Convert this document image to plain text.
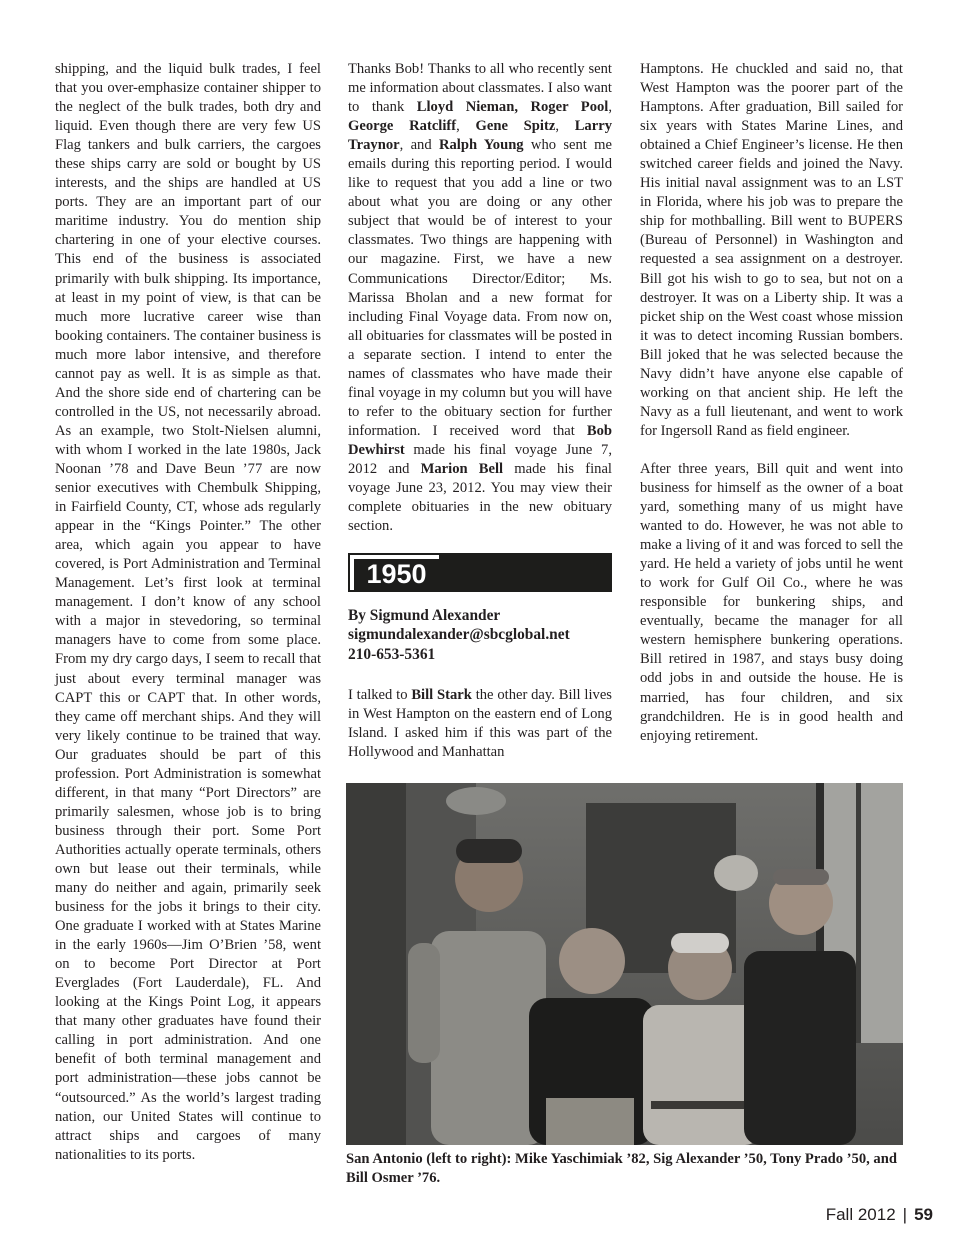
shipping, and the liquid bulk trades, I feel that you over-emphasize container shipper to the neglect of the bulk trades, both dry and liquid. Even though there are very few US Flag tankers and bulk carriers, the cargoes these ships carry are sold or bought by US interests, and the ships are handled at US ports. They are an important part of our maritime industry. You do mention ship chartering in one of your elective courses. This end of the business is associated primarily with bulk shipping. Its importance, at least in my point of view, is that can be much more lucrative career wise than booking containers. The container business is much more labor intensive, and therefore cannot pay as well. It is as simple as that. And the shore side end of chartering can be controlled in the US, not necessarily abroad. As an example, two Stolt-Nielsen alumni, with whom I worked in the late 1980s, Jack Noonan ’78 and Dave Beun ’77 are now senior executives with Chembulk Shipping, in Fairfield County, CT, whose ads regularly appear in the “Kings Pointer.” The other area, which again you appear to have covered, is Port Administration and Terminal Management. Let’s first look at terminal management. I don’t know of any school with a major in stevedoring, so terminal managers have to come from some place. From my dry cargo days, I seem to recall that just about every terminal manager was CAPT this or CAPT that. In other words, they came off merchant ships. And they will very likely continue to be trained that way. Our graduates should be part of this profession. Port Administration is somewhat different, in that many “Port Directors” are primarily salesmen, whose job is to bring business through their port. Some Port Authorities actually operate terminals, others own but lease out their terminals, while many do neither and again, primarily seek business for the jobs it brings to their city. One graduate I worked with at States Marine in the early 1960s—Jim O’Brien ’58, went on to become Port Director at Port Everglades (Fort Lauderdale), FL. And looking at the Kings Point Log, it appears that many other graduates have found their calling in port administration. And one benefit of both terminal management and port administration—these jobs cannot be “outsourced.” As the world’s largest trading nation, our United States will continue to attract ships and cargoes of many nationalities to its ports.

Thanks Bob! Thanks to all who recently sent me information about classmates. I also want to thank Lloyd Nieman, Roger Pool, George Ratcliff, Gene Spitz, Larry Traynor, and Ralph Young who sent me emails during this reporting period. I would like to request that you add a line or two about what you are doing or any other subject that would be of interest to your classmates. Two things are happening with our magazine. First, we have a new Communications Director/Editor; Ms. Marissa Bholan and a new format for including Final Voyage data. From now on, all obituaries for classmates will be posted in a separate section. I intend to enter the names of classmates who have made their final voyage in my column but you will have to refer to the obituary section for further information. I received word that Bob Dewhirst made his final voyage June 7, 2012 and Marion Bell made his final voyage June 23, 2012. You may view their complete obituaries in the new obituary section.

1950
By Sigmund Alexander
sigmundalexander@sbcglobal.net
210-653-5361

I talked to Bill Stark the other day. Bill lives in West Hampton on the eastern end of Long Island. I asked him if this was part of the Hollywood and Manhattan

Hamptons. He chuckled and said no, that West Hampton was the poorer part of the Hamptons. After graduation, Bill sailed for six years with States Marine Lines, and obtained a Chief Engineer’s license. He then switched career fields and joined the Navy. His initial naval assignment was to an LST in Florida, where his job was to prepare the ship for mothballing. Bill went to BUPERS (Bureau of Personnel) in Washington and requested a sea assignment on a destroyer. Bill got his wish to go to sea, but not on a destroyer. It was on a Liberty ship. It was a picket ship on the West coast whose mission it was to detect incoming Russian bombers. Bill joked that he was selected because the Navy didn’t have anyone else capable of working on that ancient ship. He left the Navy as a full lieutenant, and went to work for Ingersoll Rand as field engineer.

After three years, Bill quit and went into business for himself as the owner of a boat yard, something many of us might have wanted to do. However, he was not able to make a living of it and was forced to sell the yard. He held a variety of jobs until he went to work for Gulf Oil Co., where he was responsible for bunkering ships, and eventually, became the manager for all western hemisphere bunkering operations. Bill retired in 1987, and stays busy doing odd jobs in and outside the house. He is married, has four children, and six grandchildren. He is in good health and enjoying retirement.

San Antonio (left to right): Mike Yaschimiak ’82, Sig Alexander ’50, Tony Prado ’50, and Bill Osmer ’76.
Fall 2012 | 59
